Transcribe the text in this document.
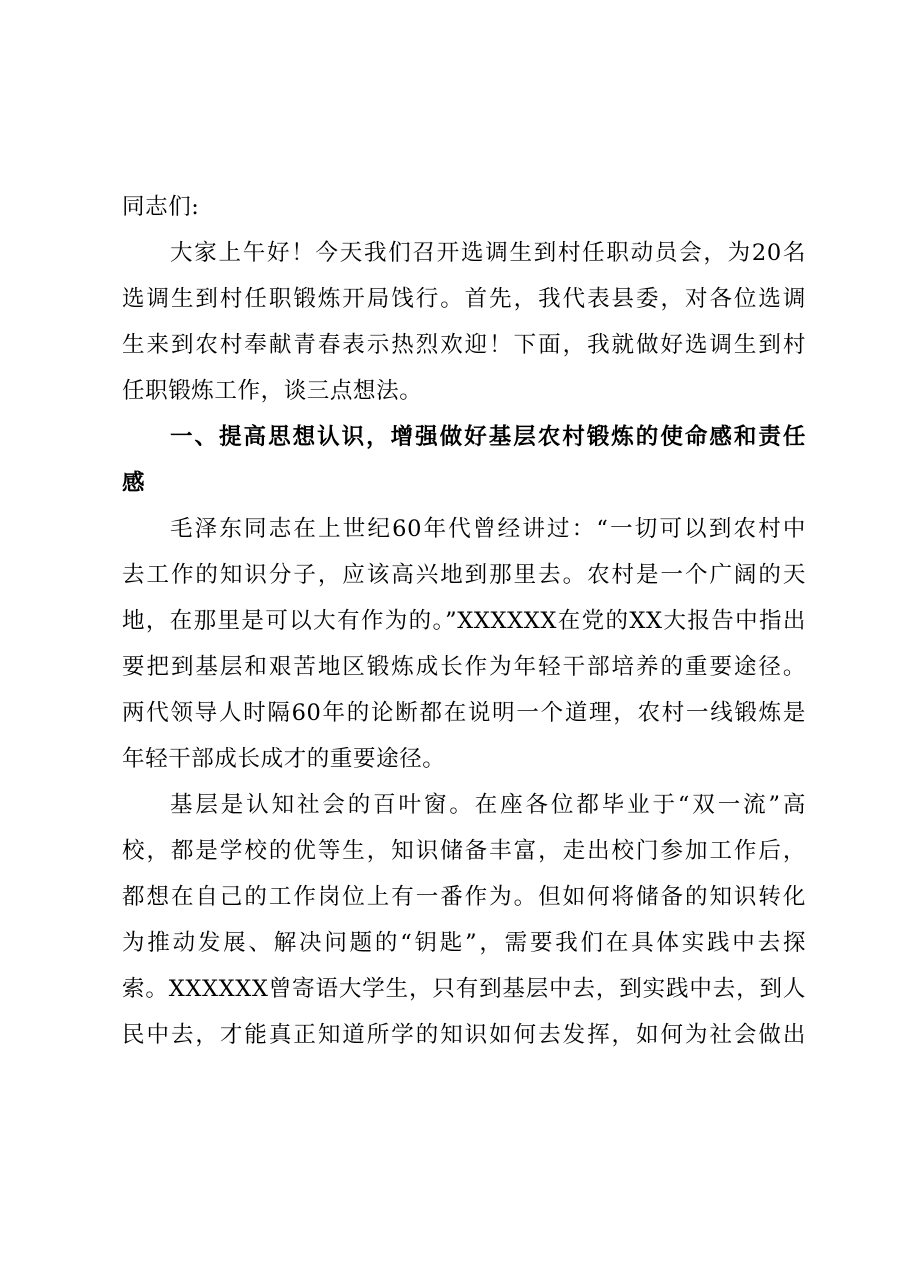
同志们:
大家上午好！今天我们召开选调生到村任职动员会，为20名
选调生到村任职锻炼开局饯行。首先，我代表县委，对各位选调
生来到农村奉献青春表示热烈欢迎！下面，我就做好选调生到村
任职锻炼工作，谈三点想法。
一、提高思想认识，增强做好基层农村锻炼的使命感和责任
感
毛泽东同志在上世纪60年代曾经讲过：“一切可以到农村中
去工作的知识分子，应该高兴地到那里去。农村是一个广阔的天
地，在那里是可以大有作为的。”XXXXXX在党的XX大报告中指出
要把到基层和艰苦地区锻炼成长作为年轻干部培养的重要途径。
两代领导人时隔60年的论断都在说明一个道理，农村一线锻炼是
年轻干部成长成才的重要途径。
基层是认知社会的百叶窗。在座各位都毕业于“双一流”高
校，都是学校的优等生，知识储备丰富，走出校门参加工作后，
都想在自己的工作岗位上有一番作为。但如何将储备的知识转化
为推动发展、解决问题的“钥匙”，需要我们在具体实践中去探
索。XXXXXX曾寄语大学生，只有到基层中去，到实践中去，到人
民中去，才能真正知道所学的知识如何去发挥，如何为社会做出
